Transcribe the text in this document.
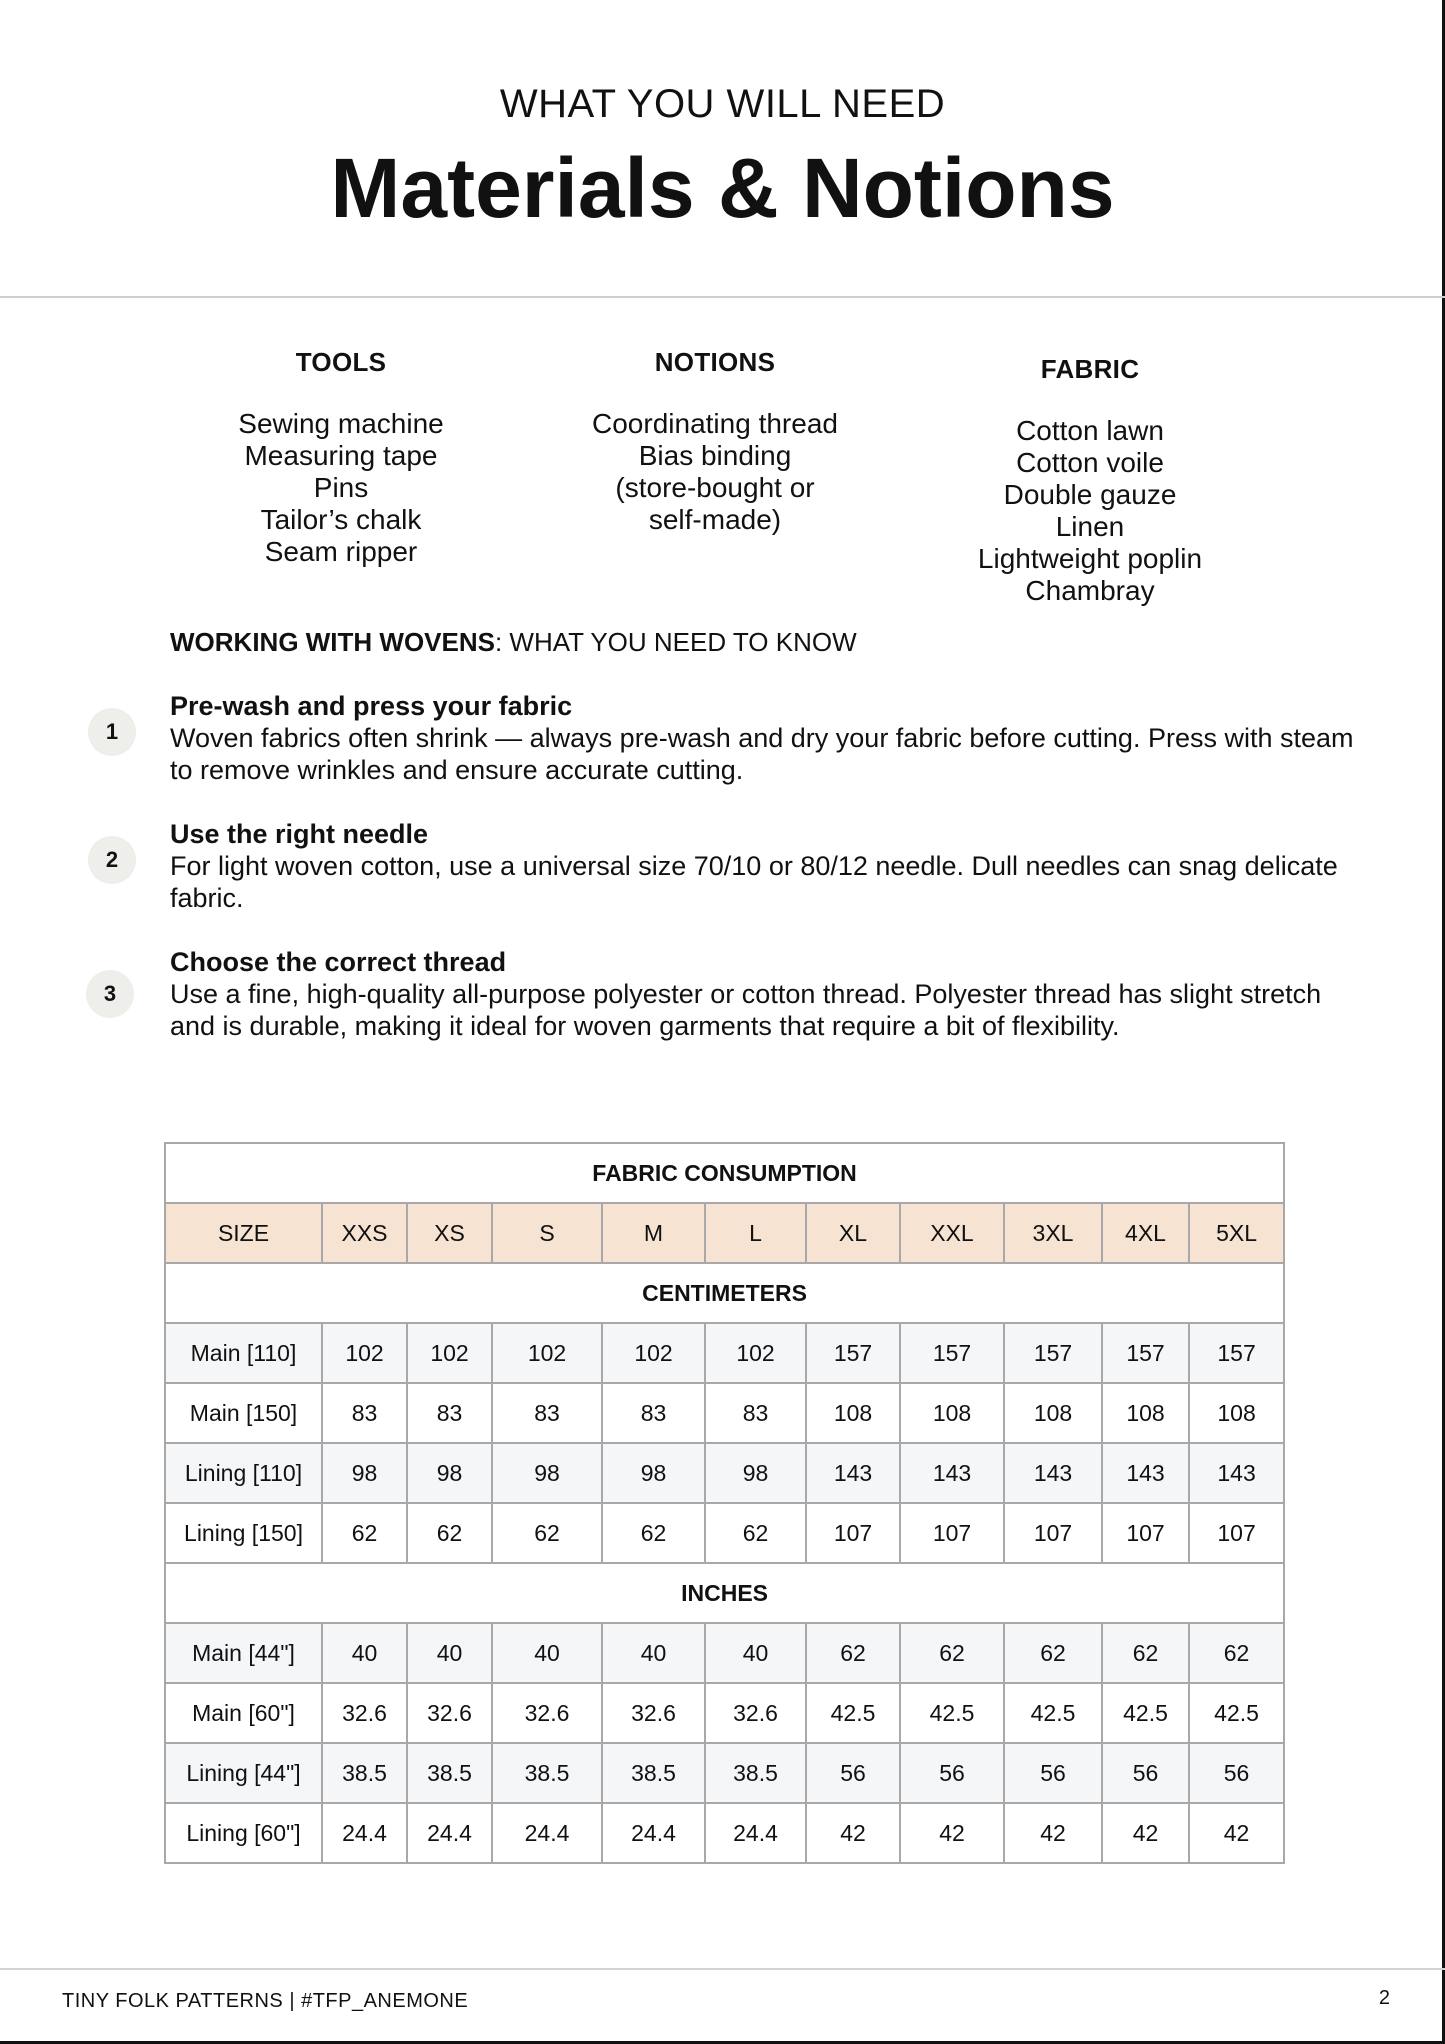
WHAT YOU WILL NEED
Materials & Notions
TOOLS
Sewing machine
Measuring tape
Pins
Tailor’s chalk
Seam ripper
NOTIONS
Coordinating thread
Bias binding
(store-bought or
self-made)
FABRIC
Cotton lawn
Cotton voile
Double gauze
Linen
Lightweight poplin
Chambray
WORKING WITH WOVENS: WHAT YOU NEED TO KNOW
1
Pre-wash and press your fabric
Woven fabrics often shrink — always pre-wash and dry your fabric before cutting. Press with steam to remove wrinkles and ensure accurate cutting.
2
Use the right needle
For light woven cotton, use a universal size 70/10 or 80/12 needle. Dull needles can snag delicate fabric.
3
Choose the correct thread
Use a fine, high-quality all-purpose polyester or cotton thread. Polyester thread has slight stretch and is durable, making it ideal for woven garments that require a bit of flexibility.
FABRIC CONSUMPTION										
SIZE	XXS	XS	S	M	L	XL	XXL	3XL	4XL	5XL
CENTIMETERS										
Main [110]	102	102	102	102	102	157	157	157	157	157
Main [150]	83	83	83	83	83	108	108	108	108	108
Lining [110]	98	98	98	98	98	143	143	143	143	143
Lining [150]	62	62	62	62	62	107	107	107	107	107
INCHES										
Main [44"]	40	40	40	40	40	62	62	62	62	62
Main [60"]	32.6	32.6	32.6	32.6	32.6	42.5	42.5	42.5	42.5	42.5
Lining [44"]	38.5	38.5	38.5	38.5	38.5	56	56	56	56	56
Lining [60"]	24.4	24.4	24.4	24.4	24.4	42	42	42	42	42
TINY FOLK PATTERNS | #TFP_ANEMONE	2
